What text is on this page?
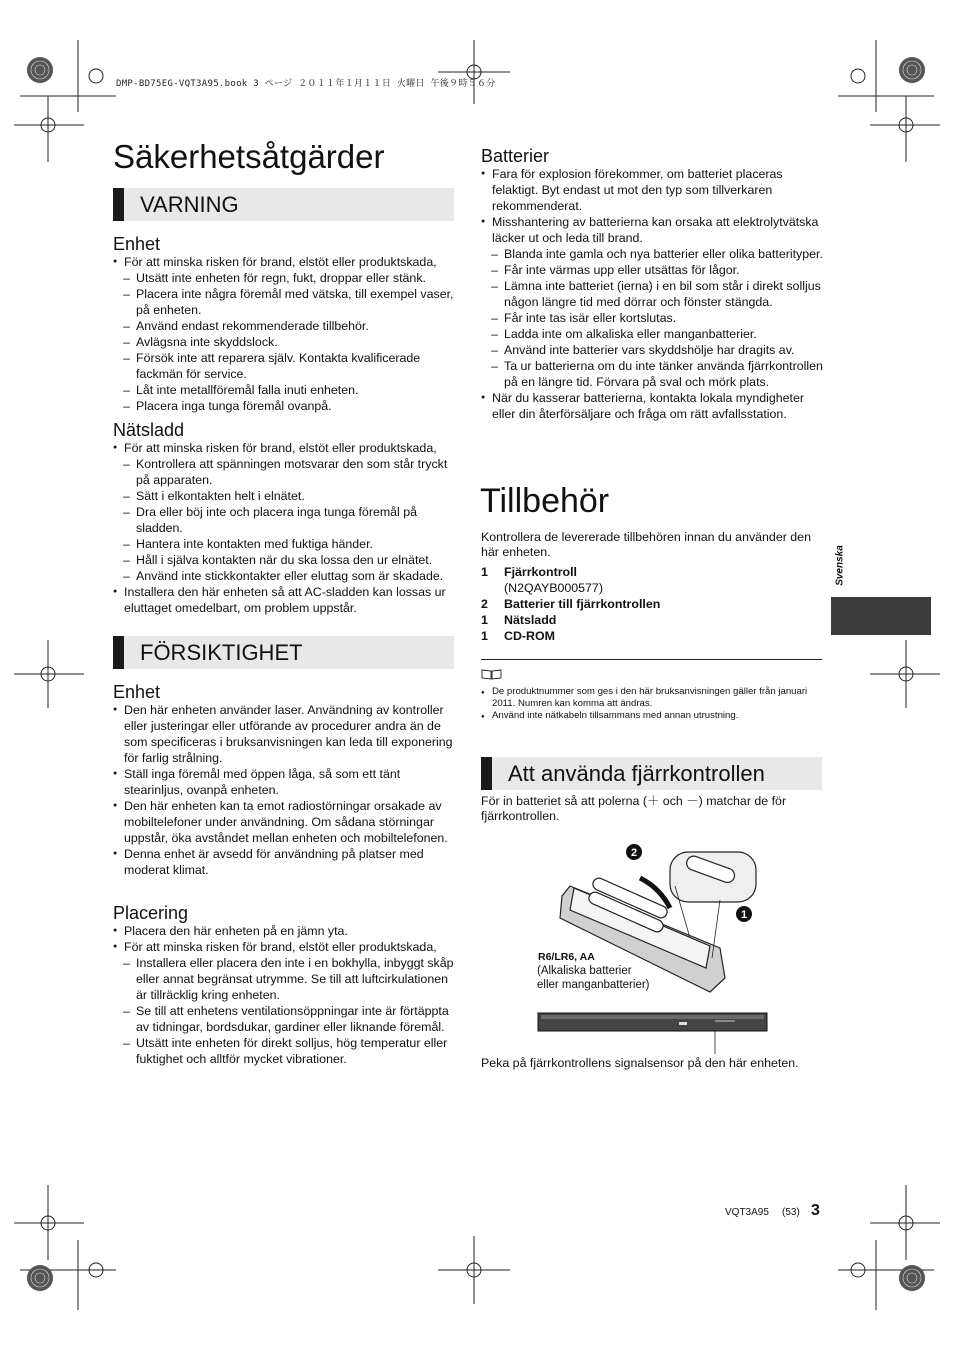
DMP-BD75EG-VQT3A95.book 3 ページ ２０１１年１月１１日 火曜日 午後９時５６分
Säkerhetsåtgärder
VARNING
Enhet
● För att minska risken för brand, elstöt eller produktskada,
– Utsätt inte enheten för regn, fukt, droppar eller stänk.
– Placera inte några föremål med vätska, till exempel vaser, på enheten.
– Använd endast rekommenderade tillbehör.
– Avlägsna inte skyddslock.
– Försök inte att reparera själv. Kontakta kvalificerade fackmän för service.
– Låt inte metallföremål falla inuti enheten.
– Placera inga tunga föremål ovanpå.
Nätsladd
● För att minska risken för brand, elstöt eller produktskada,
– Kontrollera att spänningen motsvarar den som står tryckt på apparaten.
– Sätt i elkontakten helt i elnätet.
– Dra eller böj inte och placera inga tunga föremål på sladden.
– Hantera inte kontakten med fuktiga händer.
– Håll i själva kontakten när du ska lossa den ur elnätet.
– Använd inte stickkontakter eller eluttag som är skadade.
● Installera den här enheten så att AC-sladden kan lossas ur eluttaget omedelbart, om problem uppstår.
FÖRSIKTIGHET
Enhet
● Den här enheten använder laser. Användning av kontroller eller justeringar eller utförande av procedurer andra än de som specificeras i bruksanvisningen kan leda till exponering för farlig strålning.
● Ställ inga föremål med öppen låga, så som ett tänt stearinljus, ovanpå enheten.
● Den här enheten kan ta emot radiostörningar orsakade av mobiltelefoner under användning. Om sådana störningar uppstår, öka avståndet mellan enheten och mobiltelefonen.
● Denna enhet är avsedd för användning på platser med moderat klimat.
Placering
● Placera den här enheten på en jämn yta.
● För att minska risken för brand, elstöt eller produktskada,
– Installera eller placera den inte i en bokhylla, inbyggt skåp eller annat begränsat utrymme. Se till att luftcirkulationen är tillräcklig kring enheten.
– Se till att enhetens ventilationsöppningar inte är förtäppta av tidningar, bordsdukar, gardiner eller liknande föremål.
– Utsätt inte enheten för direkt solljus, hög temperatur eller fuktighet och alltför mycket vibrationer.
Batterier
● Fara för explosion förekommer, om batteriet placeras felaktigt. Byt endast ut mot den typ som tillverkaren rekommenderat.
● Misshantering av batterierna kan orsaka att elektrolytvätska läcker ut och leda till brand.
– Blanda inte gamla och nya batterier eller olika batterityper.
– Får inte värmas upp eller utsättas för lågor.
– Lämna inte batteriet (ierna) i en bil som står i direkt solljus någon längre tid med dörrar och fönster stängda.
– Får inte tas isär eller kortslutas.
– Ladda inte om alkaliska eller manganbatterier.
– Använd inte batterier vars skyddshölje har dragits av.
– Ta ur batterierna om du inte tänker använda fjärrkontrollen på en längre tid. Förvara på sval och mörk plats.
● När du kasserar batterierna, kontakta lokala myndigheter eller din återförsäljare och fråga om rätt avfallsstation.
Tillbehör
Kontrollera de levererade tillbehören innan du använder den här enheten.
1	Fjärrkontroll
(N2QAYB000577)
2	Batterier till fjärrkontrollen
1	Nätsladd
1	CD-ROM
● De produktnummer som ges i den här bruksanvisningen gäller från januari 2011. Numren kan komma att ändras.
● Använd inte nätkabeln tillsammans med annan utrustning.
Att använda fjärrkontrollen
För in batteriet så att polerna (＋ och －) matchar de för fjärrkontrollen.
2
1
R6/LR6, AA
(Alkaliska batterier
eller manganbatterier)
Peka på fjärrkontrollens signalsensor på den här enheten.
Svenska
VQT3A95 (53) 3
